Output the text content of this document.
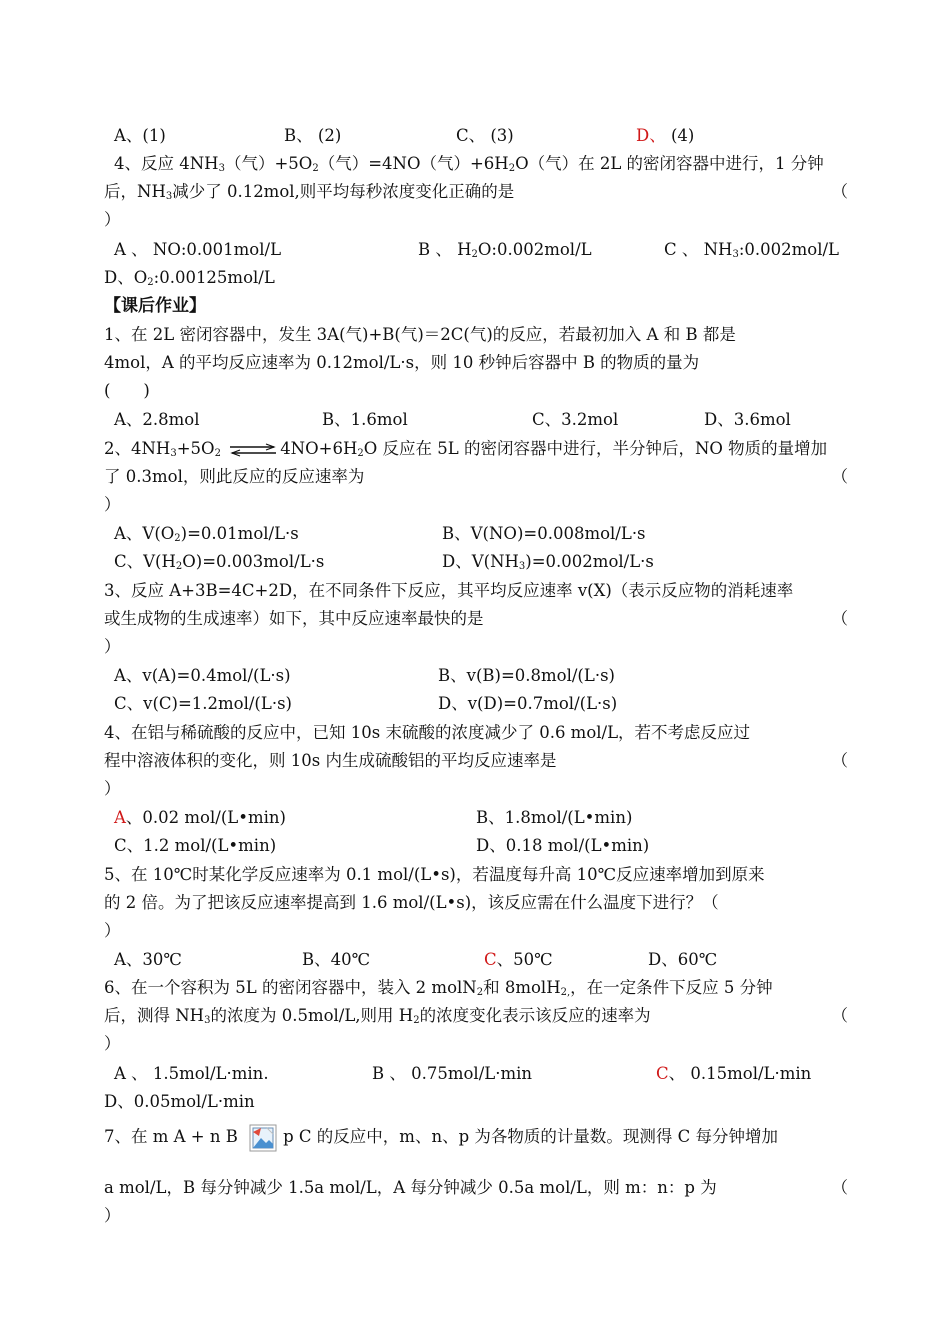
A、(1)	B、 (2)	C、 (3)	D、 (4)
4、反应 $4NH_3$（气）$+5O_2$（气）=4NO（气）$+6H_2O$（气）在 2L 的密闭容器中进行，1 分钟
后，$NH_3$减少了 0.12mol,则平均每秒浓度变化正确的是	（
）
A 、 NO:0.001mol/L	B 、 $H_2O:0.002mol/L$	C 、 $NH_3:0.002mol/L$
D、$O_2:0.00125mol/L$
【课后作业】
1、在 2L 密闭容器中，发生 3A(气)+B(气)＝2C(气)的反应，若最初加入 A 和 B 都是
4mol，A 的平均反应速率为 0.12mol/L·s，则 10 秒钟后容器中 B 的物质的量为
(　　)
A、2.8mol	B、1.6mol	C、3.2mol	D、3.6mol
2、$4NH_3+5O_2$ ⇌ $4NO+6H_2O$ 反应在 5L 的密闭容器中进行，半分钟后，NO 物质的量增加
了 0.3mol，则此反应的反应速率为	（
）
A、$V(O_2)=0.01mol/L\cdot s$	B、V(NO)=0.008mol/L·s
C、$V(H_2O)=0.003mol/L\cdot s$	D、$V(NH_3)=0.002mol/L\cdot s$
3、反应 A+3B=4C+2D，在不同条件下反应，其平均反应速率 v(X)（表示反应物的消耗速率
或生成物的生成速率）如下，其中反应速率最快的是	（
）
A、v(A)=0.4mol/(L·s)	B、v(B)=0.8mol/(L·s)
C、v(C)=1.2mol/(L·s)	D、v(D)=0.7mol/(L·s)
4、在铝与稀硫酸的反应中，已知 10s 末硫酸的浓度减少了 0.6 mol/L，若不考虑反应过
程中溶液体积的变化，则 10s 内生成硫酸铝的平均反应速率是	（
）
A、0.02 mol/(L•min)	B、1.8mol/(L•min)
C、1.2 mol/(L•min)	D、0.18 mol/(L•min)
5、在 10℃时某化学反应速率为 0.1 mol/(L•s)，若温度每升高 10℃反应速率增加到原来
的 2 倍。为了把该反应速率提高到 1.6 mol/(L•s)，该反应需在什么温度下进行？（
）
A、30℃	B、40℃	C、50℃	D、60℃
6、在一个容积为 5L 的密闭容器中，装入 2 molN$_2$和 8molH$_{2,}$，在一定条件下反应 5 分钟
后，测得 $NH_3$的浓度为 0.5mol/L,则用 $H_2$的浓度变化表示该反应的速率为	（
）
A 、 1.5mol/L·min.	B 、 0.75mol/L·min	C、 0.15mol/L·min
D、0.05mol/L·min
7、在 m A + n B	p C 的反应中，m、n、p 为各物质的计量数。现测得 C 每分钟增加
a mol/L，B 每分钟减少 1.5a mol/L，A 每分钟减少 0.5a mol/L，则 m：n：p 为	（
）
